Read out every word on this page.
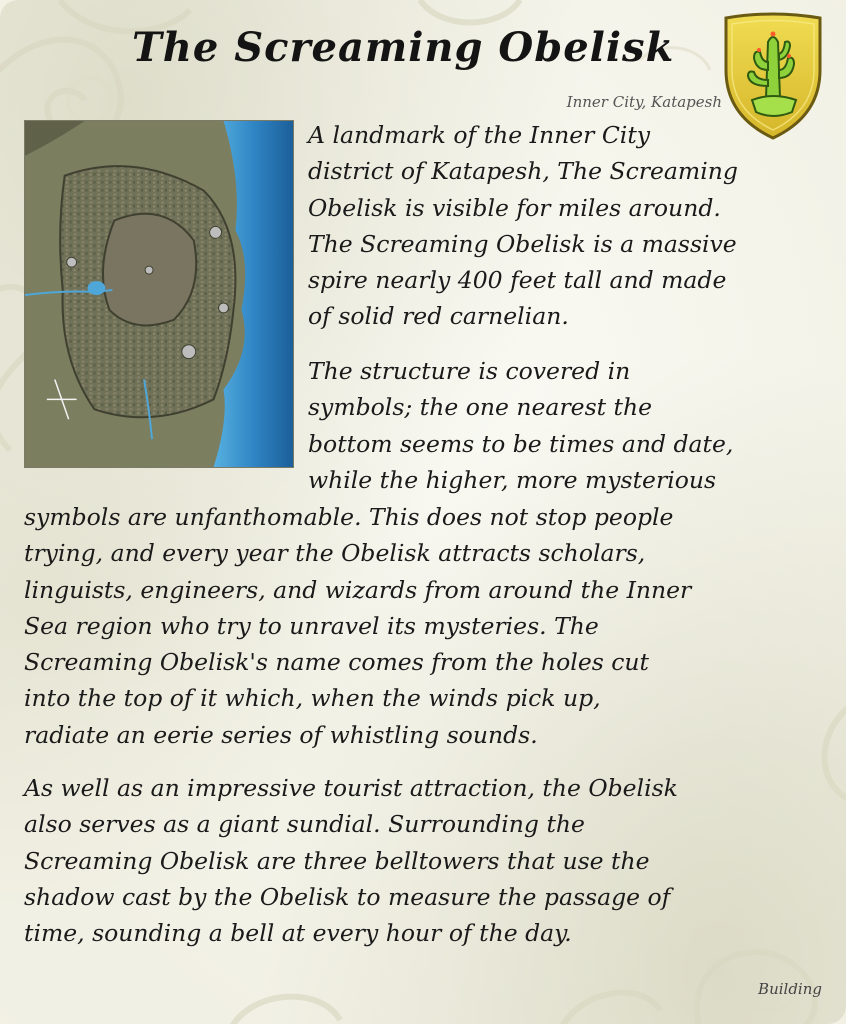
The Screaming Obelisk
Inner City, Katapesh

A landmark of the Inner City
district of Katapesh, The Screaming
Obelisk is visible for miles around.
The Screaming Obelisk is a massive
spire nearly 400 feet tall and made
of solid red carnelian.

The structure is covered in
symbols; the one nearest the
bottom seems to be times and date,
while the higher, more mysterious

symbols are unfanthomable. This does not stop people
trying, and every year the Obelisk attracts scholars,
linguists, engineers, and wizards from around the Inner
Sea region who try to unravel its mysteries. The
Screaming Obelisk's name comes from the holes cut
into the top of it which, when the winds pick up,
radiate an eerie series of whistling sounds.

As well as an impressive tourist attraction, the Obelisk
also serves as a giant sundial. Surrounding the
Screaming Obelisk are three belltowers that use the
shadow cast by the Obelisk to measure the passage of
time, sounding a bell at every hour of the day.

Building
